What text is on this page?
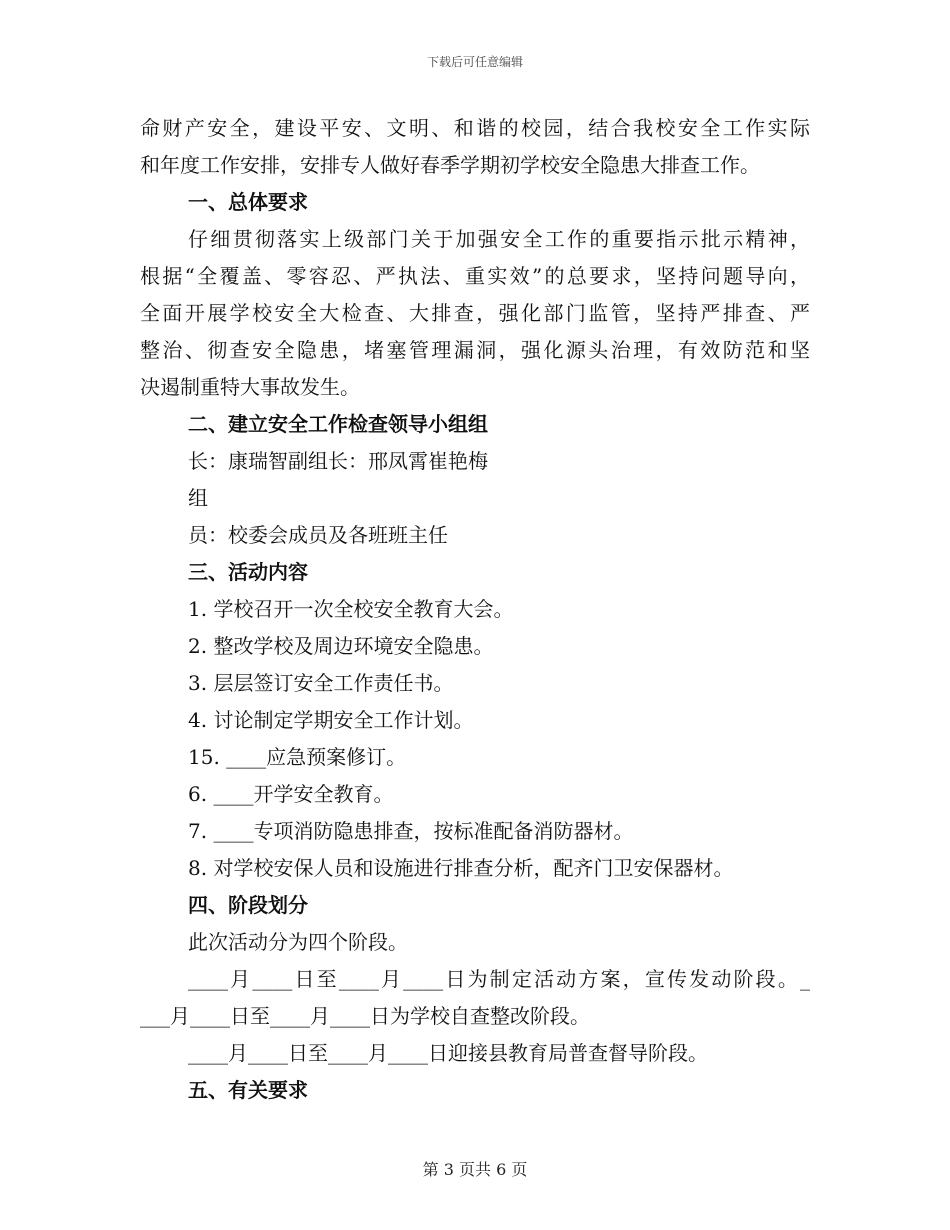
下载后可任意编辑
命财产安全，建设平安、文明、和谐的校园，结合我校安全工作实际
和年度工作安排，安排专人做好春季学期初学校安全隐患大排查工作。
一、总体要求
仔细贯彻落实上级部门关于加强安全工作的重要指示批示精神，
根据“全覆盖、零容忍、严执法、重实效”的总要求，坚持问题导向，
全面开展学校安全大检查、大排查，强化部门监管，坚持严排查、严
整治、彻查安全隐患，堵塞管理漏洞，强化源头治理，有效防范和坚
决遏制重特大事故发生。
二、建立安全工作检查领导小组组
长：康瑞智副组长：邢凤霄崔艳梅
组
员：校委会成员及各班班主任
三、活动内容
1. 学校召开一次全校安全教育大会。
2. 整改学校及周边环境安全隐患。
3. 层层签订安全工作责任书。
4. 讨论制定学期安全工作计划。
15. ____应急预案修订。
6. ____开学安全教育。
7. ____专项消防隐患排查，按标准配备消防器材。
8. 对学校安保人员和设施进行排查分析，配齐门卫安保器材。
四、阶段划分
此次活动分为四个阶段。
____月____日至____月____日为制定活动方案，宣传发动阶段。_
___月____日至____月____日为学校自查整改阶段。
____月____日至____月____日迎接县教育局普查督导阶段。
五、有关要求
第 3 页共 6 页
